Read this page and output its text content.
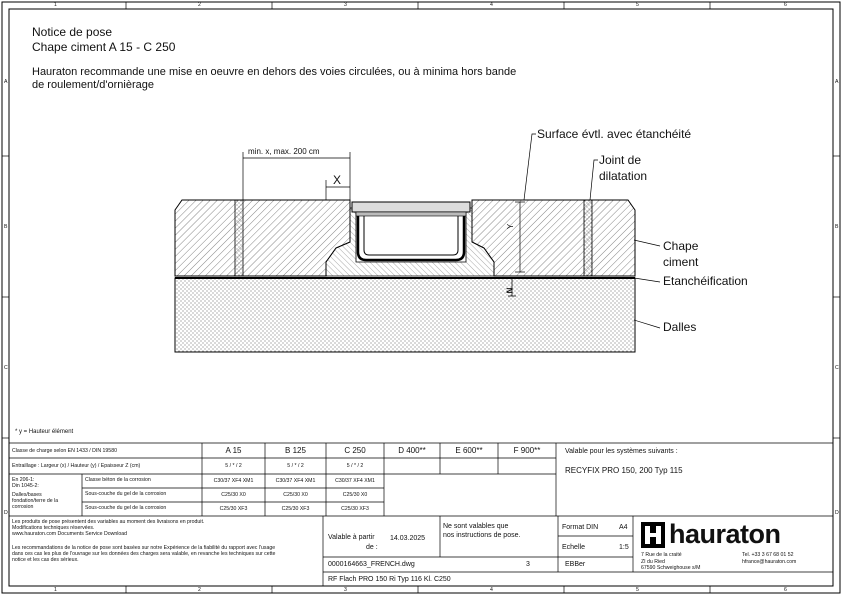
1	2	3	4	5	6
1	2	3	4	5	6
A
B
C
D
A
B
C
D
Notice de pose
Chape ciment A 15 - C 250
Hauraton recommande une mise en oeuvre en dehors des voies circulées, ou à minima hors bande
de roulement/d'ornièrage
min. x, max. 200 cm
X
Y
N
Surface évtl. avec étanchéité
Joint de
dilatation
Chape
ciment
Etanchéification
Dalles
* y = Hauteur élément
Classe de charge selon EN 1433 / DIN 19580	A 15	B 125	C 250	D 400**	E 600**	F 900**	Valable pour les systèmes suivants :
RECYFIX PRO 150, 200 Typ 115
Entraillage : Largeur (x) / Hauteur (y) / Epaisseur Z (cm)	5 / * / 2	5 / * / 2	5 / * / 2
En 206-1:
Din 1045-2:
Dalles/bases
fondation/terre de la
corrosion
Classe béton de la corrosion	C30/37 XF4 XM1	C30/37 XF4 XM1	C30/37 XF4 XM1
Sous-couche du gel de la corrosion	C25/30 X0	C25/30 X0	C25/30 X0
Sous-couche du gel de la corrosion	C25/30 XF3	C25/30 XF3	C25/30 XF3
Les produits de pose présentent des variables au moment des livraisons en produit.
Modifications techniques réservées.
www.hauraton.com Documents Service Download
Les recommandations de la notice de pose sont basées sur notre Expérience de la fiabilité du rapport avec l'usage
dans ces cas les plus de l'ouvrage sur les données des charges sera valable, en revanche les techniques sur cette
notice et les cas des sérieux.
Valable à partir
de :
14.03.2025
Ne sont valables que
nos instructions de pose.
Format DIN	A4
Echelle	1:5
0000164663_FRENCH.dwg	3	EBBer
RF Flach PRO 150 Ri Typ 116 Kl. C250
hauraton
7 Rue de la craité
ZI du Ried
67590 Schweighouse s/M
Tel. +33 3 67 68 01 52
hfrance@hauraton.com
